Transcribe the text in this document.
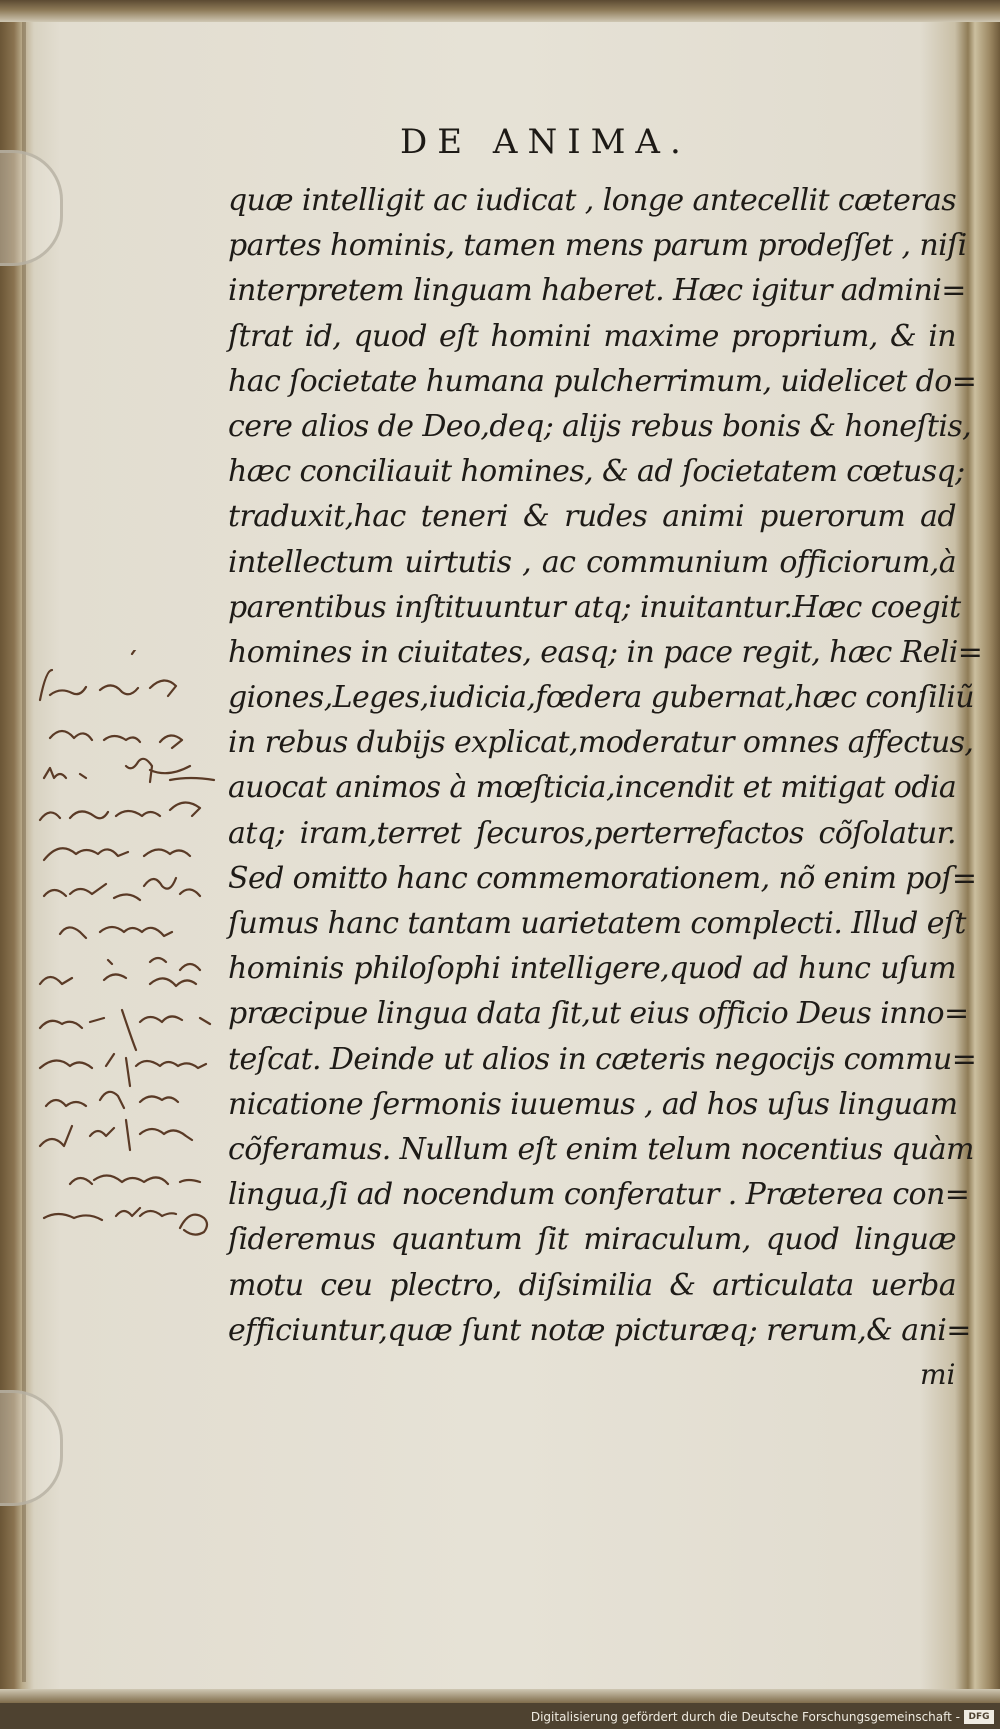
DE ANIMA.
quæ intelligit ac iudicat , longe antecellit cæteras
partes hominis, tamen mens parum prodeſſet , niſi
interpretem linguam haberet. Hæc igitur admini=
ſtrat id, quod eſt homini maxime proprium, & in
hac ſocietate humana pulcherrimum, uidelicet do=
cere alios de Deo,deq; alijs rebus bonis & honeſtis,
hæc conciliauit homines, & ad ſocietatem cœtusq;
traduxit,hac teneri & rudes animi puerorum ad
intellectum uirtutis , ac communium officiorum,à
parentibus inſtituuntur atq; inuitantur.Hæc coegit
homines in ciuitates, easq; in pace regit, hæc Reli=
giones,Leges,iudicia,fœdera gubernat,hæc conſiliũ
in rebus dubijs explicat,moderatur omnes affectus,
auocat animos à mœſticia,incendit et mitigat odia
atq; iram,terret ſecuros,perterrefactos cõſolatur.
Sed omitto hanc commemorationem, nõ enim poſ=
ſumus hanc tantam uarietatem complecti. Illud eſt
hominis philoſophi intelligere,quod ad hunc uſum
præcipue lingua data ſit,ut eius officio Deus inno=
teſcat. Deinde ut alios in cæteris negocijs commu=
nicatione ſermonis iuuemus , ad hos uſus linguam
cõferamus. Nullum eſt enim telum nocentius quàm
lingua,ſi ad nocendum conferatur . Præterea con=
ſideremus quantum ſit miraculum, quod linguæ
motu ceu plectro, diſsimilia & articulata uerba
efficiuntur,quæ ſunt notæ picturæq; rerum,& ani=
mi
Digitalisierung gefördert durch die Deutsche Forschungsgemeinschaft - DFG
